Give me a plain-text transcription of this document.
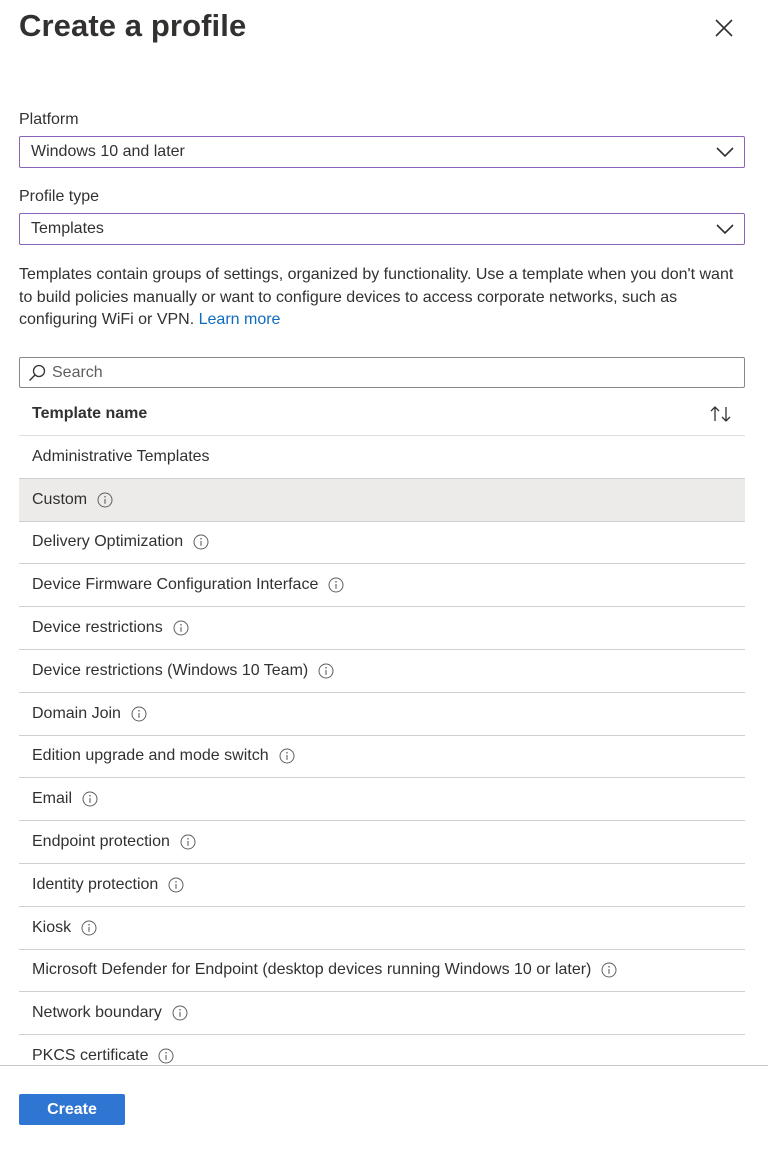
Create a profile
Platform
Windows 10 and later
Profile type
Templates

Templates contain groups of settings, organized by functionality. Use a template when you don't want to build policies manually or want to configure devices to access corporate networks, such as configuring WiFi or VPN. Learn more

Search
Template name
Administrative Templates
Custom
Delivery Optimization
Device Firmware Configuration Interface
Device restrictions
Device restrictions (Windows 10 Team)
Domain Join
Edition upgrade and mode switch
Email
Endpoint protection
Identity protection
Kiosk
Microsoft Defender for Endpoint (desktop devices running Windows 10 or later)
Network boundary
PKCS certificate
Create
